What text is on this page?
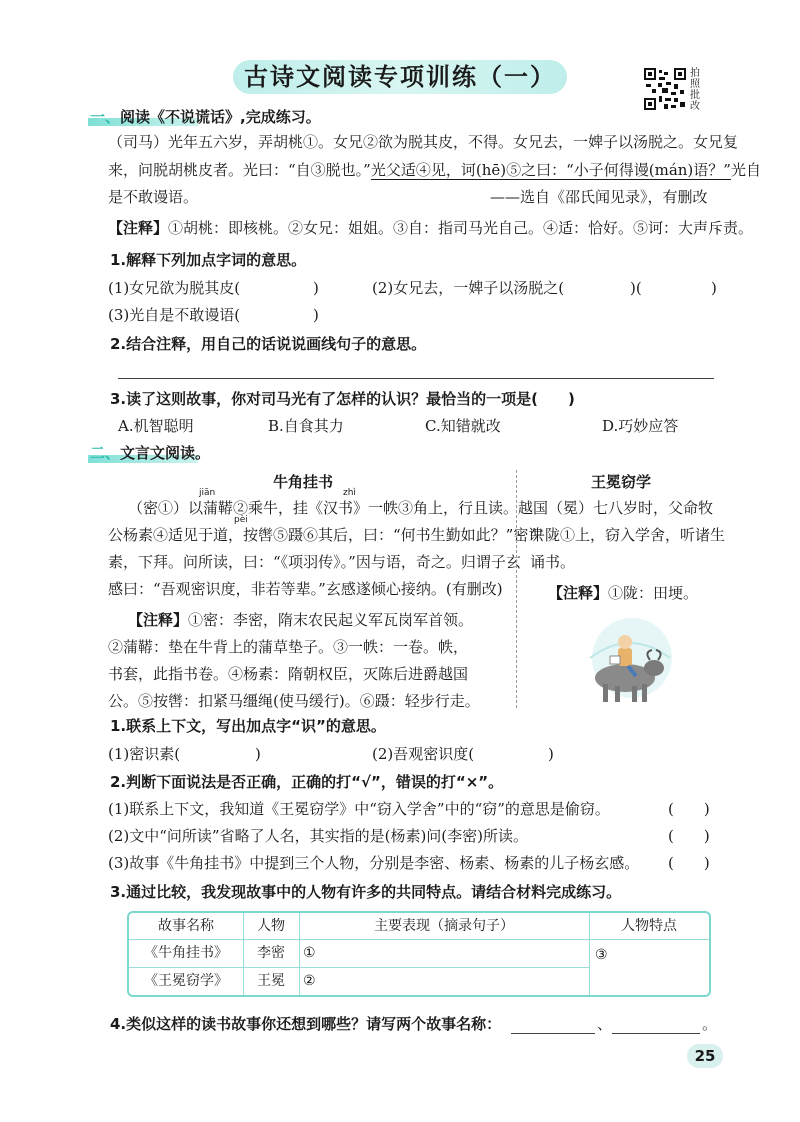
古诗文阅读专项训练（一）	拍照批改
一、阅读《不说谎话》,完成练习。
（司马）光年五六岁，弄胡桃①。女兄②欲为脱其皮，不得。女兄去，一婢子以汤脱之。女兄复
来，问脱胡桃皮者。光曰：“自③脱也。”光父适④见，诃(hē)⑤之曰：“小子何得谩(mán)语？”光自
是不敢谩语。	——选自《邵氏闻见录》，有删改
【注释】①胡桃：即核桃。②女兄：姐姐。③自：指司马光自己。④适：恰好。⑤诃：大声斥责。
1.解释下列加点字词的意思。
(1)女兄欲为脱其皮(	)	(2)女兄去，一婢子以汤脱之(	)(	)
(3)光自是不敢谩语(	)
2.结合注释，用自己的话说说画线句子的意思。
3.读了这则故事，你对司马光有了怎样的认识？最恰当的一项是(　　)
A.机智聪明	B.自食其力	C.知错就改	D.巧妙应答
二、文言文阅读。
牛角挂书
jiān	zhì
（密①）以蒲鞯②乘牛，挂《汉书》一帙③角上，行且读。越国
pèi
公杨素④适见于道，按辔⑤蹑⑥其后，曰：“何书生勤如此？”密识
素，下拜。问所读，曰：“《项羽传》。”因与语，奇之。归谓子玄
感曰：“吾观密识度，非若等辈。”玄感遂倾心接纳。(有删改)
【注释】①密：李密，隋末农民起义军瓦岗军首领。
②蒲鞯：垫在牛背上的蒲草垫子。③一帙：一卷。帙，
书套，此指书卷。④杨素：隋朝权臣，灭陈后进爵越国
公。⑤按辔：扣紧马缰绳(使马缓行)。⑥蹑：轻步行走。
王冕窃学
（冕）七八岁时，父命牧
牛陇①上，窃入学舍，听诸生
诵书。
【注释】①陇：田埂。
1.联系上下文，写出加点字“识”的意思。
(1)密识素(	)	(2)吾观密识度(	)
2.判断下面说法是否正确，正确的打“√”，错误的打“×”。
(1)联系上下文，我知道《王冕窃学》中“窃入学舍”中的“窃”的意思是偷窃。	(　　)
(2)文中“问所读”省略了人名，其实指的是(杨素)问(李密)所读。	(　　)
(3)故事《牛角挂书》中提到三个人物，分别是李密、杨素、杨素的儿子杨玄感。 (　　)
3.通过比较，我发现故事中的人物有许多的共同特点。请结合材料完成练习。
故事名称	人物	主要表现（摘录句子）	人物特点
《牛角挂书》	李密	①	③
《王冕窃学》	王冕	②
4.类似这样的读书故事你还想到哪些？请写两个故事名称：	、	。
25
